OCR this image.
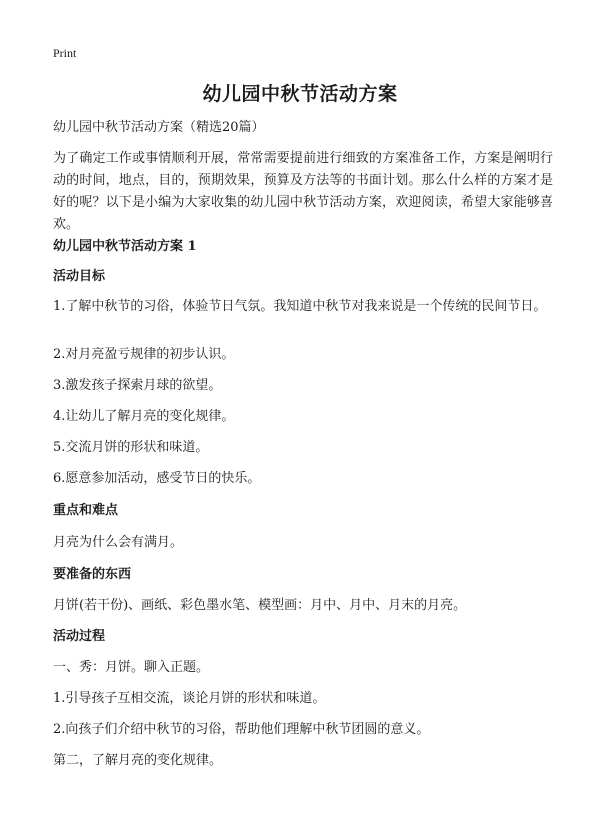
Print
幼儿园中秋节活动方案

幼儿园中秋节活动方案（精选20篇）

为了确定工作或事情顺利开展，常常需要提前进行细致的方案准备工作，方案是阐明行动的时间，地点，目的，预期效果，预算及方法等的书面计划。那么什么样的方案才是好的呢？以下是小编为大家收集的幼儿园中秋节活动方案，欢迎阅读，希望大家能够喜欢。

幼儿园中秋节活动方案 1

活动目标

1.了解中秋节的习俗，体验节日气氛。我知道中秋节对我来说是一个传统的民间节日。

2.对月亮盈亏规律的初步认识。

3.激发孩子探索月球的欲望。

4.让幼儿了解月亮的变化规律。

5.交流月饼的形状和味道。

6.愿意参加活动，感受节日的快乐。

重点和难点

月亮为什么会有满月。

要准备的东西

月饼(若干份)、画纸、彩色墨水笔、模型画：月中、月中、月末的月亮。

活动过程

一、秀：月饼。聊入正题。

1.引导孩子互相交流，谈论月饼的形状和味道。

2.向孩子们介绍中秋节的习俗，帮助他们理解中秋节团圆的意义。

第二，了解月亮的变化规律。
